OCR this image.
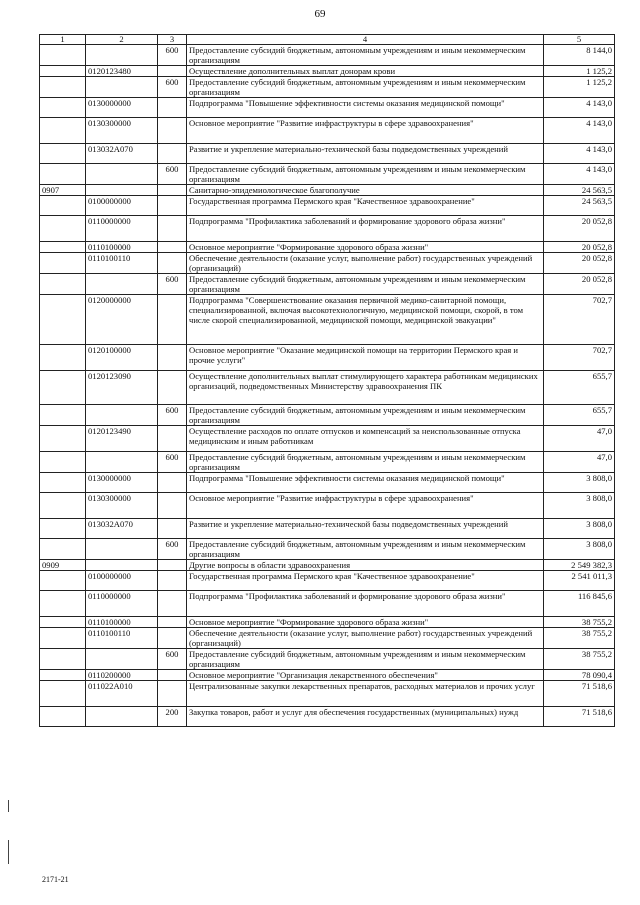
69
1	2	3	4	5
		600	Предоставление субсидий бюджетным, автономным учреждениям и иным некоммерческим организациям	8 144,0
	0120123480		Осуществление дополнительных выплат донорам крови	1 125,2
		600	Предоставление субсидий бюджетным, автономным учреждениям и иным некоммерческим организациям	1 125,2
	0130000000		Подпрограмма "Повышение эффективности системы оказания медицинской помощи"	4 143,0
	0130300000		Основное мероприятие "Развитие инфраструктуры в сфере здравоохранения"	4 143,0
	013032А070		Развитие и укрепление материально-технической базы подведомственных учреждений	4 143,0
		600	Предоставление субсидий бюджетным, автономным учреждениям и иным некоммерческим организациям	4 143,0
0907			Санитарно-эпидемиологическое благополучие	24 563,5
	0100000000		Государственная программа Пермского края "Качественное здравоохранение"	24 563,5
	0110000000		Подпрограмма "Профилактика заболеваний и формирование здорового образа жизни"	20 052,8
	0110100000		Основное мероприятие "Формирование здорового образа жизни"	20 052,8
	0110100110		Обеспечение деятельности (оказание услуг, выполнение работ) государственных учреждений (организаций)	20 052,8
		600	Предоставление субсидий бюджетным, автономным учреждениям и иным некоммерческим организациям	20 052,8
	0120000000		Подпрограмма "Совершенствование оказания первичной медико-санитарной помощи, специализированной, включая высокотехнологичную, медицинской помощи, скорой, в том числе скорой специализированной, медицинской помощи, медицинской эвакуации"	702,7
	0120100000		Основное мероприятие "Оказание медицинской помощи на территории Пермского края и прочие услуги"	702,7
	0120123090		Осуществление дополнительных выплат стимулирующего характера работникам медицинских организаций, подведомственных Министерству здравоохранения ПК	655,7
		600	Предоставление субсидий бюджетным, автономным учреждениям и иным некоммерческим организациям	655,7
	0120123490		Осуществление расходов по оплате отпусков и компенсаций за неиспользованные отпуска медицинским и иным работникам	47,0
		600	Предоставление субсидий бюджетным, автономным учреждениям и иным некоммерческим организациям	47,0
	0130000000		Подпрограмма "Повышение эффективности системы оказания медицинской помощи"	3 808,0
	0130300000		Основное мероприятие "Развитие инфраструктуры в сфере здравоохранения"	3 808,0
	013032А070		Развитие и укрепление материально-технической базы подведомственных учреждений	3 808,0
		600	Предоставление субсидий бюджетным, автономным учреждениям и иным некоммерческим организациям	3 808,0
0909			Другие вопросы в области здравоохранения	2 549 382,3
	0100000000		Государственная программа Пермского края "Качественное здравоохранение"	2 541 011,3
	0110000000		Подпрограмма "Профилактика заболеваний и формирование здорового образа жизни"	116 845,6
	0110100000		Основное мероприятие "Формирование здорового образа жизни"	38 755,2
	0110100110		Обеспечение деятельности (оказание услуг, выполнение работ) государственных учреждений (организаций)	38 755,2
		600	Предоставление субсидий бюджетным, автономным учреждениям и иным некоммерческим организациям	38 755,2
	0110200000		Основное мероприятие "Организация лекарственного обеспечения"	78 090,4
	011022А010		Централизованные закупки лекарственных препаратов, расходных материалов и прочих услуг	71 518,6
		200	Закупка товаров, работ и услуг для обеспечения государственных (муниципальных) нужд	71 518,6
2171-21
